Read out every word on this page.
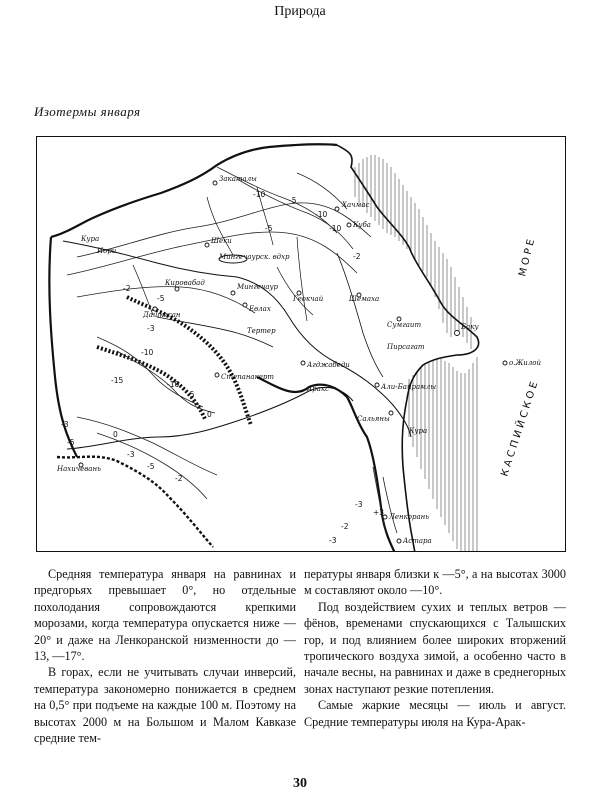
Природа
Изотермы января
Закаталы
Хачмас
Куба
Шеки
Мингечаурск. вдхр
Кура
Иори
Кировабад	Мингечаур
Дашкесан
Евлах
Геокчай	Шемаха
Сумгаит	Баку
Тертер
Агджабеди
Пирсагат
Степанакерт
Аракс	Али-Байрамлы
Сальяны
Кура
о.Жилой
Нахичевань
Ленкорань
Астара
МОРЕ
КАСПИЙСКОЕ
-10
-5
-10
-10
-5
-2
-5
-2
-3
-10
-10
-5
-15
0
-3
-5
-3
-5
-2
0
+3
-3
-2
-3

Средняя температура января на равнинах и предгорьях превышает 0°, но отдельные похолодания сопровождаются крепкими морозами, когда температура опускается ниже —20° и даже на Ленкоранской низменности до —13, —17°.

В горах, если не учитывать случаи инверсий, температура закономерно понижается в среднем на 0,5° при подъеме на каждые 100 м. Поэтому на высотах 2000 м на Большом и Малом Кавказе средние тем-

пературы января близки к —5°, а на высотах 3000 м составляют около —10°.

Под воздействием сухих и теплых ветров — фёнов, временами спускающихся с Талышских гор, и под влиянием более широких вторжений тропического воздуха зимой, а особенно часто в начале весны, на равнинах и даже в среднегорных зонах наступают резкие потепления.

Самые жаркие месяцы — июль и август. Средние температуры июля на Кура-Арак-

30
